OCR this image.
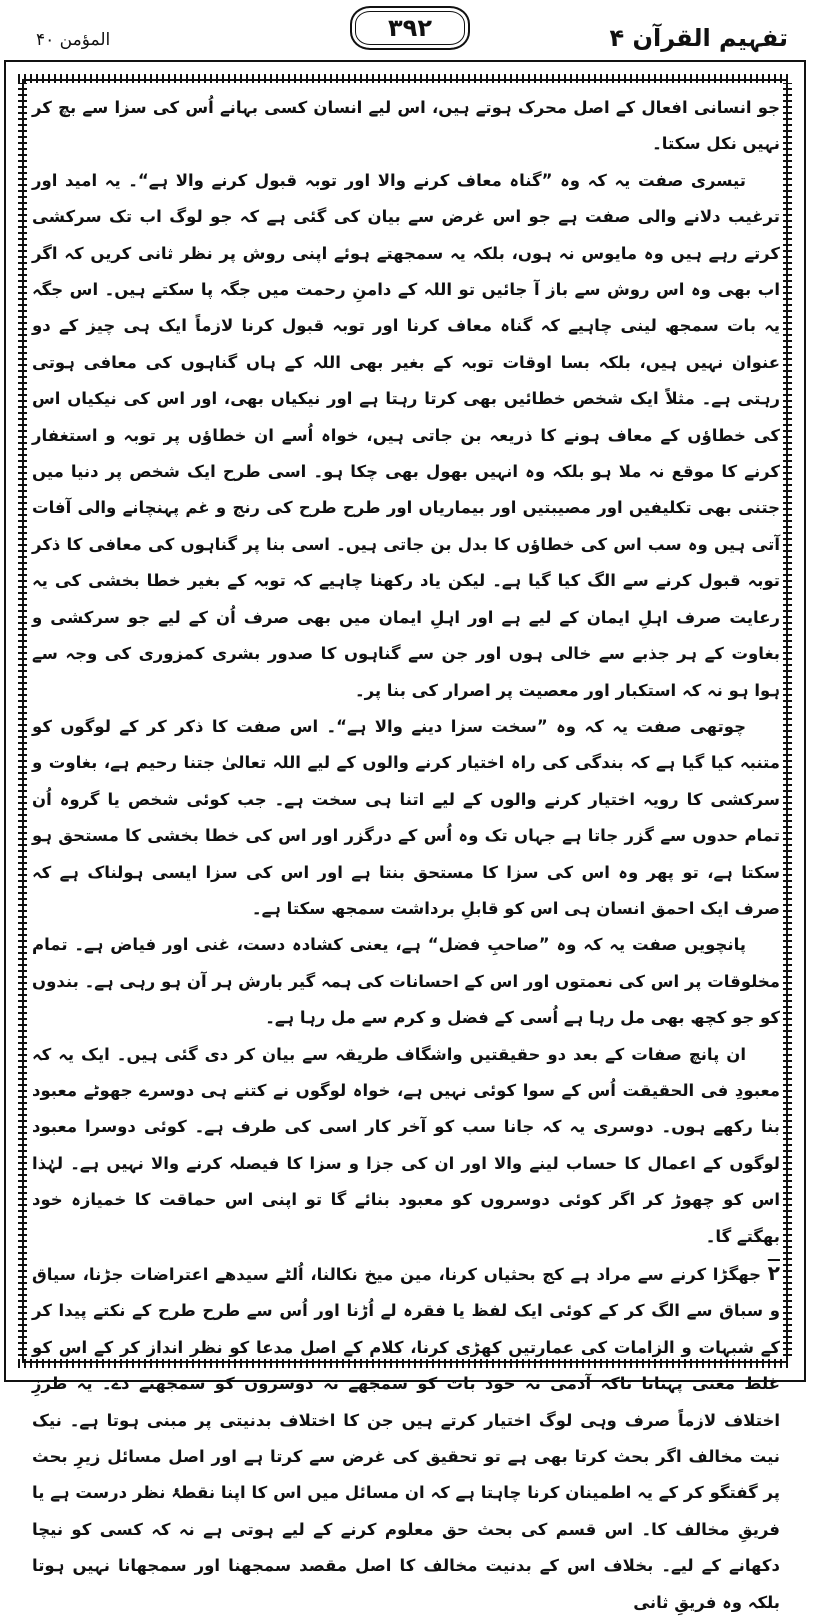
المؤمن ۴۰	۳۹۲	تفہیم القرآن ۴

جو انسانی افعال کے اصل محرک ہوتے ہیں، اس لیے انسان کسی بہانے اُس کی سزا سے بچ کر نہیں نکل سکتا۔

تیسری صفت یہ کہ وہ ”گناہ معاف کرنے والا اور توبہ قبول کرنے والا ہے“۔ یہ امید اور ترغیب دلانے والی صفت ہے جو اس غرض سے بیان کی گئی ہے کہ جو لوگ اب تک سرکشی کرتے رہے ہیں وہ مایوس نہ ہوں، بلکہ یہ سمجھتے ہوئے اپنی روش پر نظر ثانی کریں کہ اگر اب بھی وہ اس روش سے باز آ جائیں تو اللہ کے دامنِ رحمت میں جگہ پا سکتے ہیں۔ اس جگہ یہ بات سمجھ لینی چاہیے کہ گناہ معاف کرنا اور توبہ قبول کرنا لازماً ایک ہی چیز کے دو عنوان نہیں ہیں، بلکہ بسا اوقات توبہ کے بغیر بھی اللہ کے ہاں گناہوں کی معافی ہوتی رہتی ہے۔ مثلاً ایک شخص خطائیں بھی کرتا رہتا ہے اور نیکیاں بھی، اور اس کی نیکیاں اس کی خطاؤں کے معاف ہونے کا ذریعہ بن جاتی ہیں، خواہ اُسے ان خطاؤں پر توبہ و استغفار کرنے کا موقع نہ ملا ہو بلکہ وہ انہیں بھول بھی چکا ہو۔ اسی طرح ایک شخص پر دنیا میں جتنی بھی تکلیفیں اور مصیبتیں اور بیماریاں اور طرح طرح کی رنج و غم پہنچانے والی آفات آتی ہیں وہ سب اس کی خطاؤں کا بدل بن جاتی ہیں۔ اسی بنا پر گناہوں کی معافی کا ذکر توبہ قبول کرنے سے الگ کیا گیا ہے۔ لیکن یاد رکھنا چاہیے کہ توبہ کے بغیر خطا بخشی کی یہ رعایت صرف اہلِ ایمان کے لیے ہے اور اہلِ ایمان میں بھی صرف اُن کے لیے جو سرکشی و بغاوت کے ہر جذبے سے خالی ہوں اور جن سے گناہوں کا صدور بشری کمزوری کی وجہ سے ہوا ہو نہ کہ استکبار اور معصیت پر اصرار کی بنا پر۔

چوتھی صفت یہ کہ وہ ”سخت سزا دینے والا ہے“۔ اس صفت کا ذکر کر کے لوگوں کو متنبہ کیا گیا ہے کہ بندگی کی راہ اختیار کرنے والوں کے لیے اللہ تعالیٰ جتنا رحیم ہے، بغاوت و سرکشی کا رویہ اختیار کرنے والوں کے لیے اتنا ہی سخت ہے۔ جب کوئی شخص یا گروہ اُن تمام حدوں سے گزر جاتا ہے جہاں تک وہ اُس کے درگزر اور اس کی خطا بخشی کا مستحق ہو سکتا ہے، تو پھر وہ اس کی سزا کا مستحق بنتا ہے اور اس کی سزا ایسی ہولناک ہے کہ صرف ایک احمق انسان ہی اس کو قابلِ برداشت سمجھ سکتا ہے۔

پانچویں صفت یہ کہ وہ ”صاحبِ فضل“ ہے، یعنی کشادہ دست، غنی اور فیاض ہے۔ تمام مخلوقات پر اس کی نعمتوں اور اس کے احسانات کی ہمہ گیر بارش ہر آن ہو رہی ہے۔ بندوں کو جو کچھ بھی مل رہا ہے اُسی کے فضل و کرم سے مل رہا ہے۔

ان پانچ صفات کے بعد دو حقیقتیں واشگاف طریقہ سے بیان کر دی گئی ہیں۔ ایک یہ کہ معبودِ فی الحقیقت اُس کے سوا کوئی نہیں ہے، خواہ لوگوں نے کتنے ہی دوسرے جھوٹے معبود بنا رکھے ہوں۔ دوسری یہ کہ جانا سب کو آخر کار اسی کی طرف ہے۔ کوئی دوسرا معبود لوگوں کے اعمال کا حساب لینے والا اور ان کی جزا و سزا کا فیصلہ کرنے والا نہیں ہے۔ لہٰذا اس کو چھوڑ کر اگر کوئی دوسروں کو معبود بنائے گا تو اپنی اس حماقت کا خمیازہ خود بھگتے گا۔

۲ جھگڑا کرنے سے مراد ہے کج بحثیاں کرنا، مین میخ نکالنا، اُلٹے سیدھے اعتراضات جڑنا، سیاق و سباق سے الگ کر کے کوئی ایک لفظ یا فقرہ لے اُڑنا اور اُس سے طرح طرح کے نکتے پیدا کر کے شبہات و الزامات کی عمارتیں کھڑی کرنا، کلام کے اصل مدعا کو نظر انداز کر کے اس کو غلط معنی پہنانا تاکہ آدمی نہ خود بات کو سمجھے نہ دوسروں کو سمجھنے دے۔ یہ طرزِ اختلاف لازماً صرف وہی لوگ اختیار کرتے ہیں جن کا اختلاف بدنیتی پر مبنی ہوتا ہے۔ نیک نیت مخالف اگر بحث کرتا بھی ہے تو تحقیق کی غرض سے کرتا ہے اور اصل مسائل زیرِ بحث پر گفتگو کر کے یہ اطمینان کرنا چاہتا ہے کہ ان مسائل میں اس کا اپنا نقطۂ نظر درست ہے یا فریقِ مخالف کا۔ اس قسم کی بحث حق معلوم کرنے کے لیے ہوتی ہے نہ کہ کسی کو نیچا دکھانے کے لیے۔ بخلاف اس کے بدنیت مخالف کا اصل مقصد سمجھنا اور سمجھانا نہیں ہوتا بلکہ وہ فریقِ ثانی
